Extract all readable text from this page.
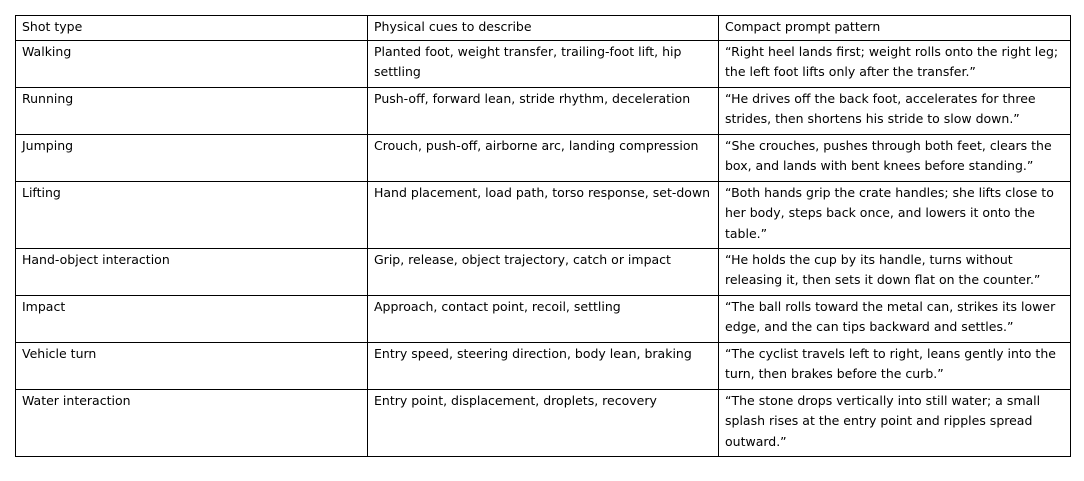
Shot type	Physical cues to describe	Compact prompt pattern
Walking	Planted foot, weight transfer, trailing-foot lift, hip settling	“Right heel lands first; weight rolls onto the right leg; the left foot lifts only after the transfer.”
Running	Push-off, forward lean, stride rhythm, deceleration	“He drives off the back foot, accelerates for three strides, then shortens his stride to slow down.”
Jumping	Crouch, push-off, airborne arc, landing compression	“She crouches, pushes through both feet, clears the box, and lands with bent knees before standing.”
Lifting	Hand placement, load path, torso response, set-down	“Both hands grip the crate handles; she lifts close to her body, steps back once, and lowers it onto the table.”
Hand-object interaction	Grip, release, object trajectory, catch or impact	“He holds the cup by its handle, turns without releasing it, then sets it down flat on the counter.”
Impact	Approach, contact point, recoil, settling	“The ball rolls toward the metal can, strikes its lower edge, and the can tips backward and settles.”
Vehicle turn	Entry speed, steering direction, body lean, braking	“The cyclist travels left to right, leans gently into the turn, then brakes before the curb.”
Water interaction	Entry point, displacement, droplets, recovery	“The stone drops vertically into still water; a small splash rises at the entry point and ripples spread outward.”
